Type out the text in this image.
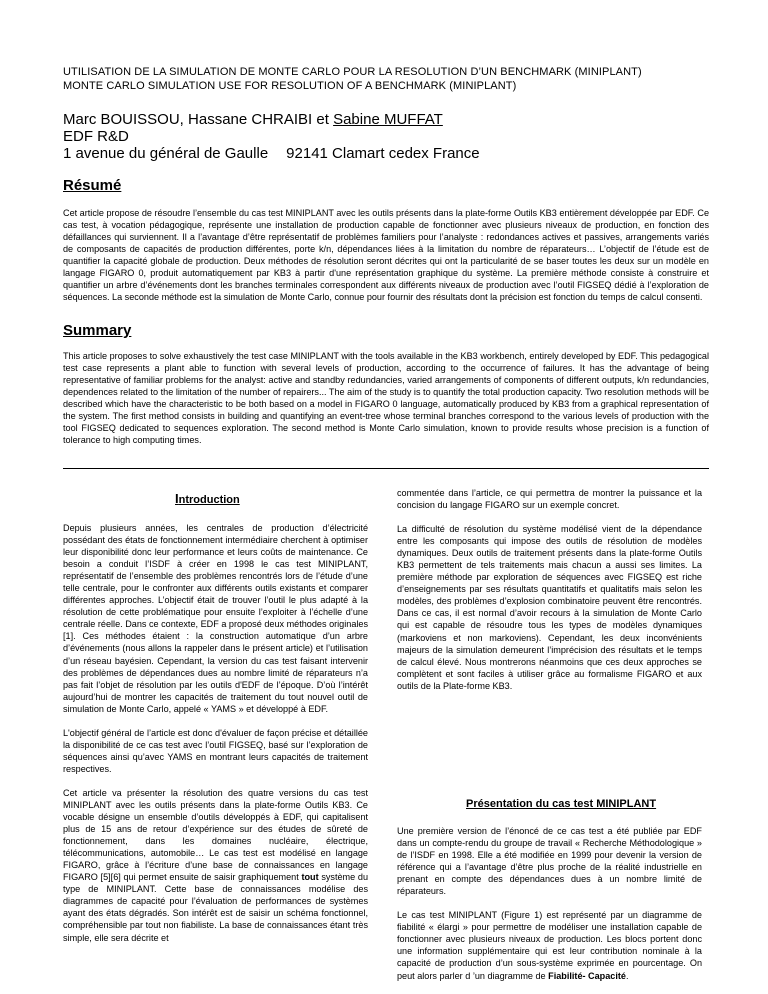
UTILISATION DE LA SIMULATION DE MONTE CARLO POUR LA RESOLUTION D’UN BENCHMARK (MINIPLANT)
MONTE CARLO SIMULATION USE FOR RESOLUTION OF A BENCHMARK (MINIPLANT)
Marc BOUISSOU, Hassane CHRAIBI et Sabine MUFFAT
EDF R&D
1 avenue du général de Gaulle 92141 Clamart cedex France
Résumé
Cet article propose de résoudre l’ensemble du cas test MINIPLANT avec les outils présents dans la plate-forme Outils KB3 entièrement développée par EDF. Ce cas test, à vocation pédagogique, représente une installation de production capable de fonctionner avec plusieurs niveaux de production, en fonction des défaillances qui surviennent. Il a l’avantage d’être représentatif de problèmes familiers pour l’analyste : redondances actives et passives, arrangements variés de composants de capacités de production différentes, porte k/n, dépendances liées à la limitation du nombre de réparateurs… L’objectif de l’étude est de quantifier la capacité globale de production. Deux méthodes de résolution seront décrites qui ont la particularité de se baser toutes les deux sur un modèle en langage FIGARO 0, produit automatiquement par KB3 à partir d'une représentation graphique du système. La première méthode consiste à construire et quantifier un arbre d’événements dont les branches terminales correspondent aux différents niveaux de production avec l’outil FIGSEQ dédié à l’exploration de séquences. La seconde méthode est la simulation de Monte Carlo, connue pour fournir des résultats dont la précision est fonction du temps de calcul consenti.
Summary
This article proposes to solve exhaustively the test case MINIPLANT with the tools available in the KB3 workbench, entirely developed by EDF. This pedagogical test case represents a plant able to function with several levels of production, according to the occurrence of failures. It has the advantage of being representative of familiar problems for the analyst: active and standby redundancies, varied arrangements of components of different outputs, k/n redundancies, dependences related to the limitation of the number of repairers... The aim of the study is to quantify the total production capacity. Two resolution methods will be described which have the characteristic to be both based on a model in FIGARO 0 language, automatically produced by KB3 from a graphical representation of the system. The first method consists in building and quantifying an event-tree whose terminal branches correspond to the various levels of production with the tool FIGSEQ dedicated to sequences exploration. The second method is Monte Carlo simulation, known to provide results whose precision is a function of tolerance to high computing times.
Introduction

Depuis plusieurs années, les centrales de production d’électricité possédant des états de fonctionnement intermédiaire cherchent à optimiser leur disponibilité donc leur performance et leurs coûts de maintenance. Ce besoin a conduit l’ISDF à créer en 1998 le cas test MINIPLANT, représentatif de l’ensemble des problèmes rencontrés lors de l’étude d’une telle centrale, pour le confronter aux différents outils existants et comparer différentes approches. L’objectif était de trouver l’outil le plus adapté à la résolution de cette problématique pour ensuite l’exploiter à l’échelle d’une centrale réelle. Dans ce contexte, EDF a proposé deux méthodes originales [1]. Ces méthodes étaient : la construction automatique d’un arbre d’événements (nous allons la rappeler dans le présent article) et l’utilisation d’un réseau bayésien. Cependant, la version du cas test faisant intervenir des problèmes de dépendances dues au nombre limité de réparateurs n’a pas fait l’objet de résolution par les outils d'EDF de l’époque. D’où l’intérêt aujourd’hui de montrer les capacités de traitement du tout nouvel outil de simulation de Monte Carlo, appelé « YAMS » et développé à EDF.

L'objectif général de l’article est donc d'évaluer de façon précise et détaillée la disponibilité de ce cas test avec l’outil FIGSEQ, basé sur l’exploration de séquences ainsi qu’avec YAMS en montrant leurs capacités de traitement respectives.

Cet article va présenter la résolution des quatre versions du cas test MINIPLANT avec les outils présents dans la plate-forme Outils KB3. Ce vocable désigne un ensemble d’outils développés à EDF, qui capitalisent plus de 15 ans de retour d’expérience sur des études de sûreté de fonctionnement, dans les domaines nucléaire, électrique, télécommunications, automobile… Le cas test est modélisé en langage FIGARO, grâce à l’écriture d’une base de connaissances en langage FIGARO [5][6] qui permet ensuite de saisir graphiquement tout système du type de MINIPLANT. Cette base de connaissances modélise des diagrammes de capacité pour l’évaluation de performances de systèmes ayant des états dégradés. Son intérêt est de saisir un schéma fonctionnel, compréhensible par tout non fiabiliste. La base de connaissances étant très simple, elle sera décrite et

commentée dans l’article, ce qui permettra de montrer la puissance et la concision du langage FIGARO sur un exemple concret.

La difficulté de résolution du système modélisé vient de la dépendance entre les composants qui impose des outils de résolution de modèles dynamiques. Deux outils de traitement présents dans la plate-forme Outils KB3 permettent de tels traitements mais chacun a aussi ses limites. La première méthode par exploration de séquences avec FIGSEQ est riche d’enseignements par ses résultats quantitatifs et qualitatifs mais selon les modèles, des problèmes d’explosion combinatoire peuvent être rencontrés. Dans ce cas, il est normal d’avoir recours à la simulation de Monte Carlo qui est capable de résoudre tous les types de modèles dynamiques (markoviens et non markoviens). Cependant, les deux inconvénients majeurs de la simulation demeurent l’imprécision des résultats et le temps de calcul élevé. Nous montrerons néanmoins que ces deux approches se complètent et sont faciles à utiliser grâce au formalisme FIGARO et aux outils de la Plate-forme KB3.

Présentation du cas test MINIPLANT

Une première version de l’énoncé de ce cas test a été publiée par EDF dans un compte-rendu du groupe de travail « Recherche Méthodologique » de l’ISDF en 1998. Elle a été modifiée en 1999 pour devenir la version de référence qui a l’avantage d’être plus proche de la réalité industrielle en prenant en compte des dépendances dues à un nombre limité de réparateurs.

Le cas test MINIPLANT (Figure 1) est représenté par un diagramme de fiabilité « élargi » pour permettre de modéliser une installation capable de fonctionner avec plusieurs niveaux de production. Les blocs portent donc une information supplémentaire qui est leur contribution nominale à la capacité de production d’un sous-système exprimée en pourcentage. On peut alors parler d ’un diagramme de Fiabilité- Capacité.
